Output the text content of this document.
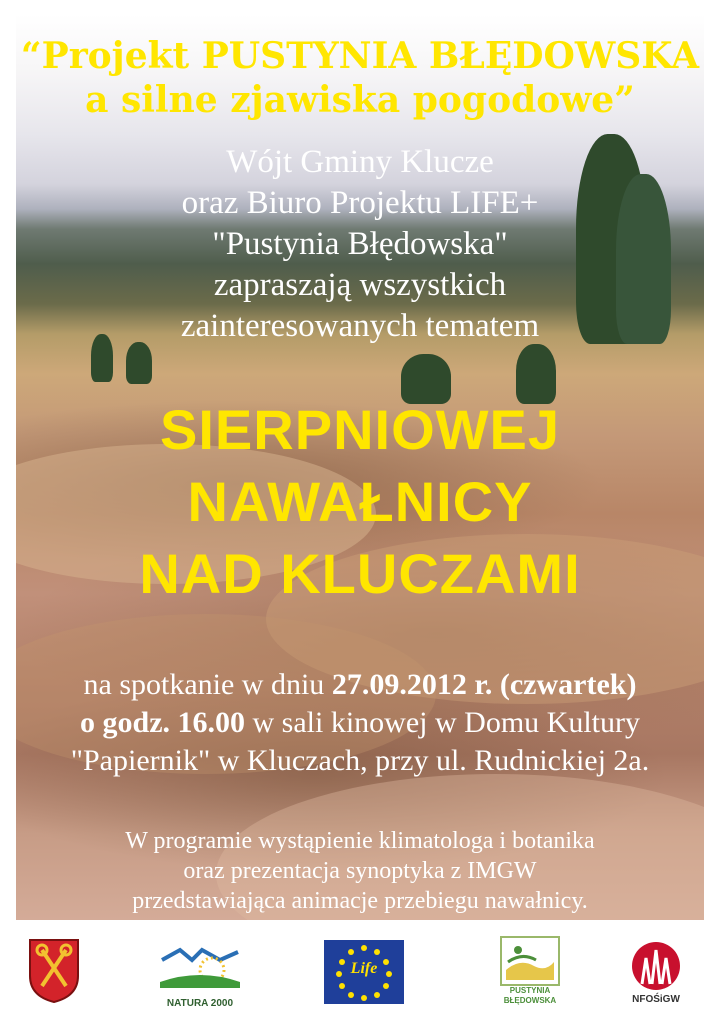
“Projekt PUSTYNIA BŁĘDOWSKA
a silne zjawiska pogodowe”
Wójt Gminy Klucze
oraz Biuro Projektu LIFE+
"Pustynia Błędowska"
zapraszają wszystkich
zainteresowanych tematem
SIERPNIOWEJ
NAWAŁNICY
NAD KLUCZAMI
na spotkanie w dniu 27.09.2012 r. (czwartek)
o godz. 16.00 w sali kinowej w Domu Kultury
"Papiernik" w Kluczach, przy ul. Rudnickiej 2a.
W programie wystąpienie klimatologa i botanika
oraz prezentacja synoptyka z IMGW
przedstawiająca animacje przebiegu nawałnicy.
NATURA 2000
Life
PUSTYNIA
BŁĘDOWSKA	NFOŚiGW
